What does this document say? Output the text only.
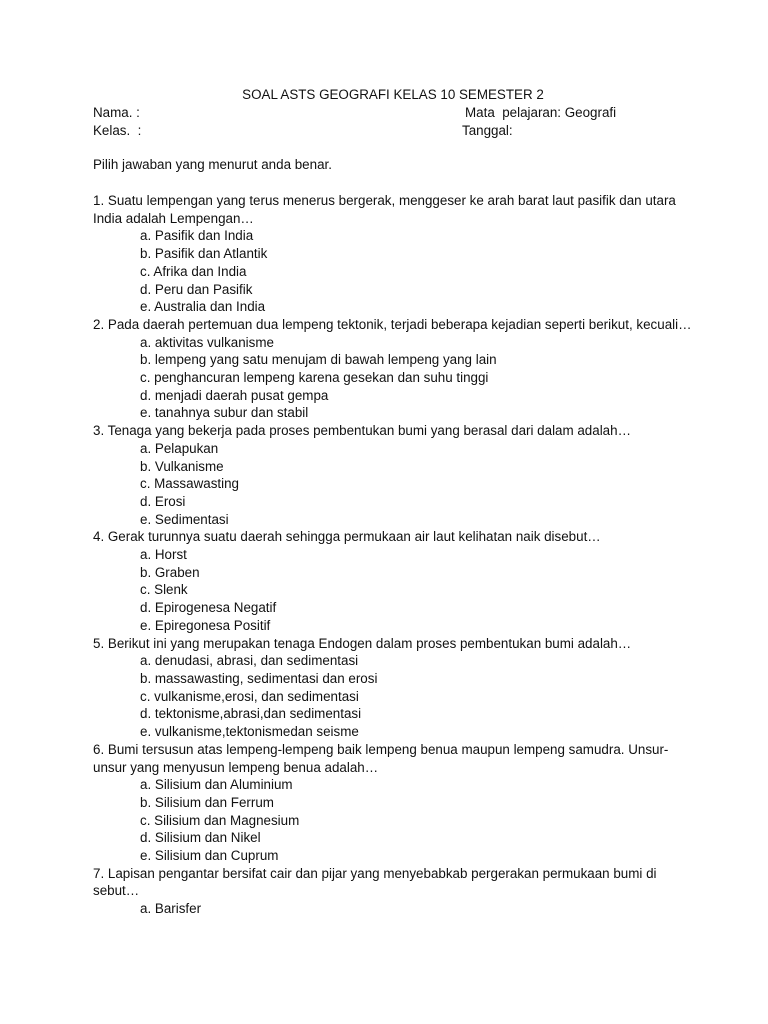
SOAL ASTS GEOGRAFI KELAS 10 SEMESTER 2
Nama. :	Mata  pelajaran: Geografi
Kelas.  :	Tanggal:
Pilih jawaban yang menurut anda benar.
1. Suatu lempengan yang terus menerus bergerak, menggeser ke arah barat laut pasifik dan utara India adalah Lempengan…
a. Pasifik dan India
b. Pasifik dan Atlantik
c. Afrika dan India
d. Peru dan Pasifik
e. Australia dan India
2. Pada daerah pertemuan dua lempeng tektonik, terjadi beberapa kejadian seperti berikut, kecuali…
a. aktivitas vulkanisme
b. lempeng yang satu menujam di bawah lempeng yang lain
c. penghancuran lempeng karena gesekan dan suhu tinggi
d. menjadi daerah pusat gempa
e. tanahnya subur dan stabil
3. Tenaga yang bekerja pada proses pembentukan bumi yang berasal dari dalam adalah…
a. Pelapukan
b. Vulkanisme
c. Massawasting
d. Erosi
e. Sedimentasi
4. Gerak turunnya suatu daerah sehingga permukaan air laut kelihatan naik disebut…
a. Horst
b. Graben
c. Slenk
d. Epirogenesa Negatif
e. Epiregonesa Positif
5. Berikut ini yang merupakan tenaga Endogen dalam proses pembentukan bumi adalah…
a. denudasi, abrasi, dan sedimentasi
b. massawasting, sedimentasi dan erosi
c. vulkanisme,erosi, dan sedimentasi
d. tektonisme,abrasi,dan sedimentasi
e. vulkanisme,tektonismedan seisme
6. Bumi tersusun atas lempeng-lempeng baik lempeng benua maupun lempeng samudra. Unsur-unsur yang menyusun lempeng benua adalah…
a. Silisium dan Aluminium
b. Silisium dan Ferrum
c. Silisium dan Magnesium
d. Silisium dan Nikel
e. Silisium dan Cuprum
7. Lapisan pengantar bersifat cair dan pijar yang menyebabkab pergerakan permukaan bumi di sebut…
a. Barisfer
